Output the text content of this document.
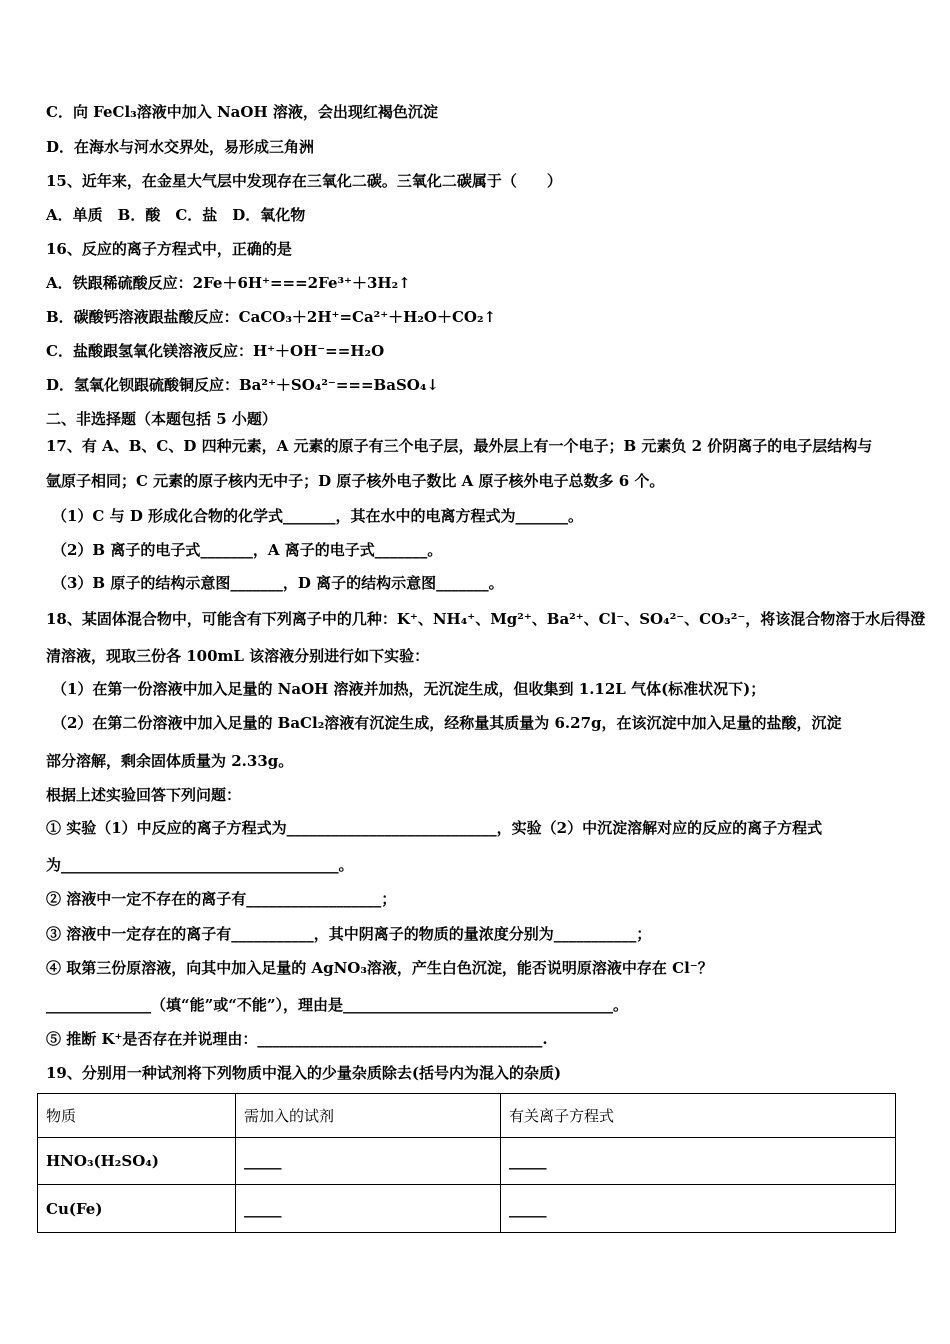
C．向 FeCl₃溶液中加入 NaOH 溶液，会出现红褐色沉淀
D．在海水与河水交界处，易形成三角洲
15、近年来，在金星大气层中发现存在三氧化二碳。三氧化二碳属于（　　）
A．单质　B．酸　C．盐　D．氧化物
16、反应的离子方程式中，正确的是
A．铁跟稀硫酸反应：2Fe＋6H⁺===2Fe³⁺＋3H₂↑
B．碳酸钙溶液跟盐酸反应：CaCO₃＋2H⁺=Ca²⁺＋H₂O＋CO₂↑
C．盐酸跟氢氧化镁溶液反应：H⁺＋OH⁻==H₂O
D．氢氧化钡跟硫酸铜反应：Ba²⁺＋SO₄²⁻===BaSO₄↓
二、非选择题（本题包括 5 小题）
17、有 A、B、C、D 四种元素，A 元素的原子有三个电子层，最外层上有一个电子；B 元素负 2 价阴离子的电子层结构与
氩原子相同；C 元素的原子核内无中子；D 原子核外电子数比 A 原子核外电子总数多 6 个。
（1）C 与 D 形成化合物的化学式_______，其在水中的电离方程式为_______。
（2）B 离子的电子式_______，A 离子的电子式_______。
（3）B 原子的结构示意图_______，D 离子的结构示意图_______。
18、某固体混合物中，可能含有下列离子中的几种：K⁺、NH₄⁺、Mg²⁺、Ba²⁺、Cl⁻、SO₄²⁻、CO₃²⁻，将该混合物溶于水后得澄
清溶液，现取三份各 100mL 该溶液分别进行如下实验：
（1）在第一份溶液中加入足量的 NaOH 溶液并加热，无沉淀生成，但收集到 1.12L 气体(标准状况下)；
（2）在第二份溶液中加入足量的 BaCl₂溶液有沉淀生成，经称量其质量为 6.27g，在该沉淀中加入足量的盐酸，沉淀
部分溶解，剩余固体质量为 2.33g。
根据上述实验回答下列问题：
① 实验（1）中反应的离子方程式为____________________________，实验（2）中沉淀溶解对应的反应的离子方程式
为_____________________________________。
② 溶液中一定不存在的离子有__________________；
③ 溶液中一定存在的离子有___________，其中阴离子的物质的量浓度分别为___________；
④ 取第三份原溶液，向其中加入足量的 AgNO₃溶液，产生白色沉淀，能否说明原溶液中存在 Cl⁻？
______________（填“能”或“不能”），理由是____________________________________。
⑤ 推断 K⁺是否存在并说理由：______________________________________.
19、分别用一种试剂将下列物质中混入的少量杂质除去(括号内为混入的杂质)
物质	需加入的试剂	有关离子方程式
HNO₃(H₂SO₄)	_____	_____
Cu(Fe)	_____	_____
